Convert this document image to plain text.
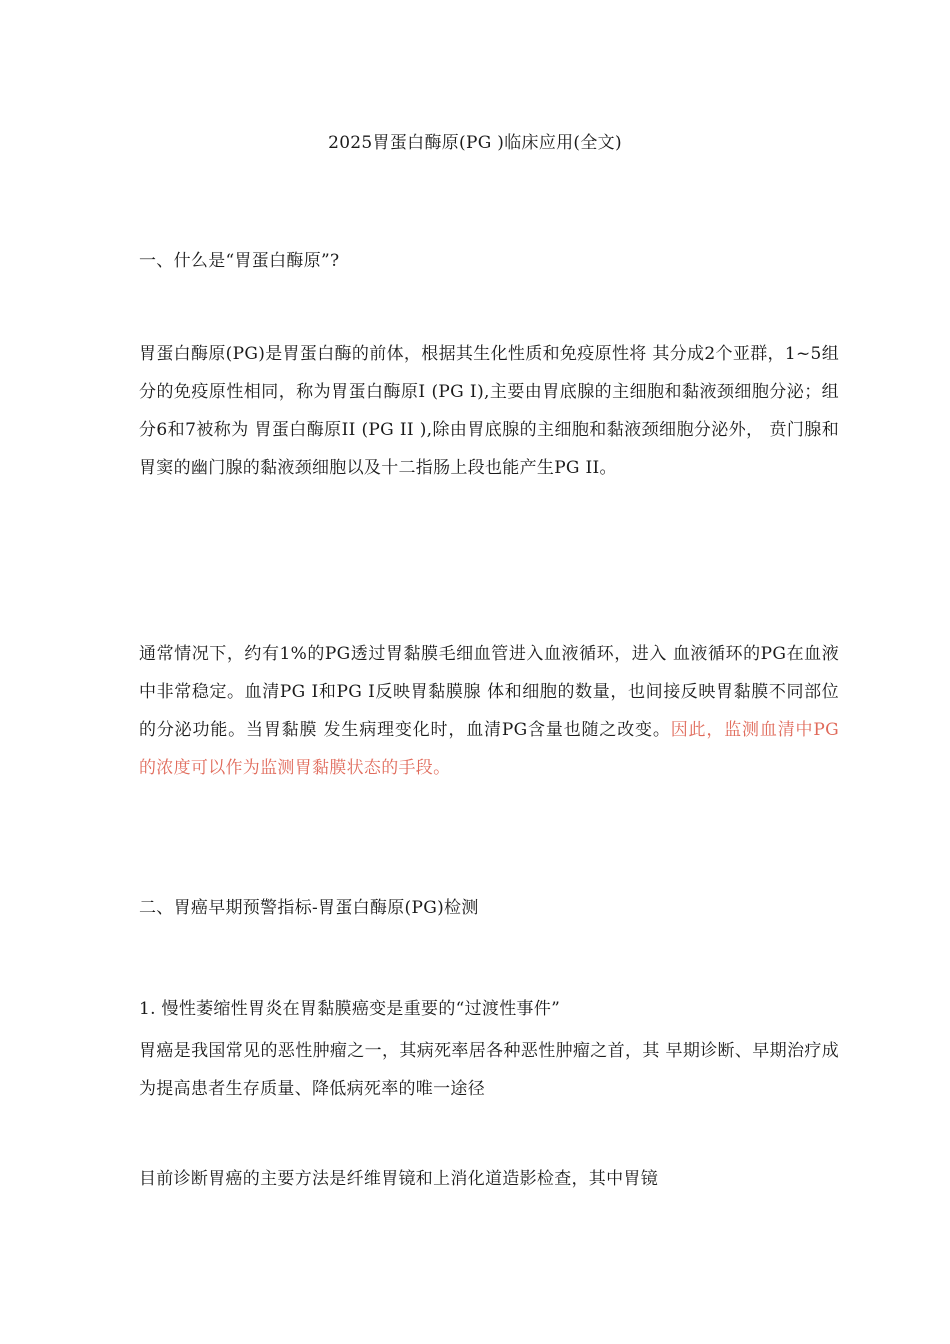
2025胃蛋白酶原(PG )临床应用(全文)
一、什么是“胃蛋白酶原”?
胃蛋白酶原(PG)是胃蛋白酶的前体，根据其生化性质和免疫原性将 其分成2个亚群，1~5组分的免疫原性相同，称为胃蛋白酶原Ⅰ (PG Ⅰ),主要由胃底腺的主细胞和黏液颈细胞分泌；组分6和7被称为 胃蛋白酶原II (PG II ),除由胃底腺的主细胞和黏液颈细胞分泌外， 贲门腺和胃窦的幽门腺的黏液颈细胞以及十二指肠上段也能产生PG II。
通常情况下，约有1%的PG透过胃黏膜毛细血管进入血液循环，进入 血液循环的PG在血液中非常稳定。血清PG Ⅰ和PG Ⅰ反映胃黏膜腺 体和细胞的数量，也间接反映胃黏膜不同部位的分泌功能。当胃黏膜 发生病理变化时，血清PG含量也随之改变。因此，监测血清中PG 的浓度可以作为监测胃黏膜状态的手段。
二、胃癌早期预警指标-胃蛋白酶原(PG)检测
1. 慢性萎缩性胃炎在胃黏膜癌变是重要的“过渡性事件”
胃癌是我国常见的恶性肿瘤之一，其病死率居各种恶性肿瘤之首，其 早期诊断、早期治疗成为提高患者生存质量、降低病死率的唯一途径
目前诊断胃癌的主要方法是纤维胃镜和上消化道造影检查，其中胃镜
